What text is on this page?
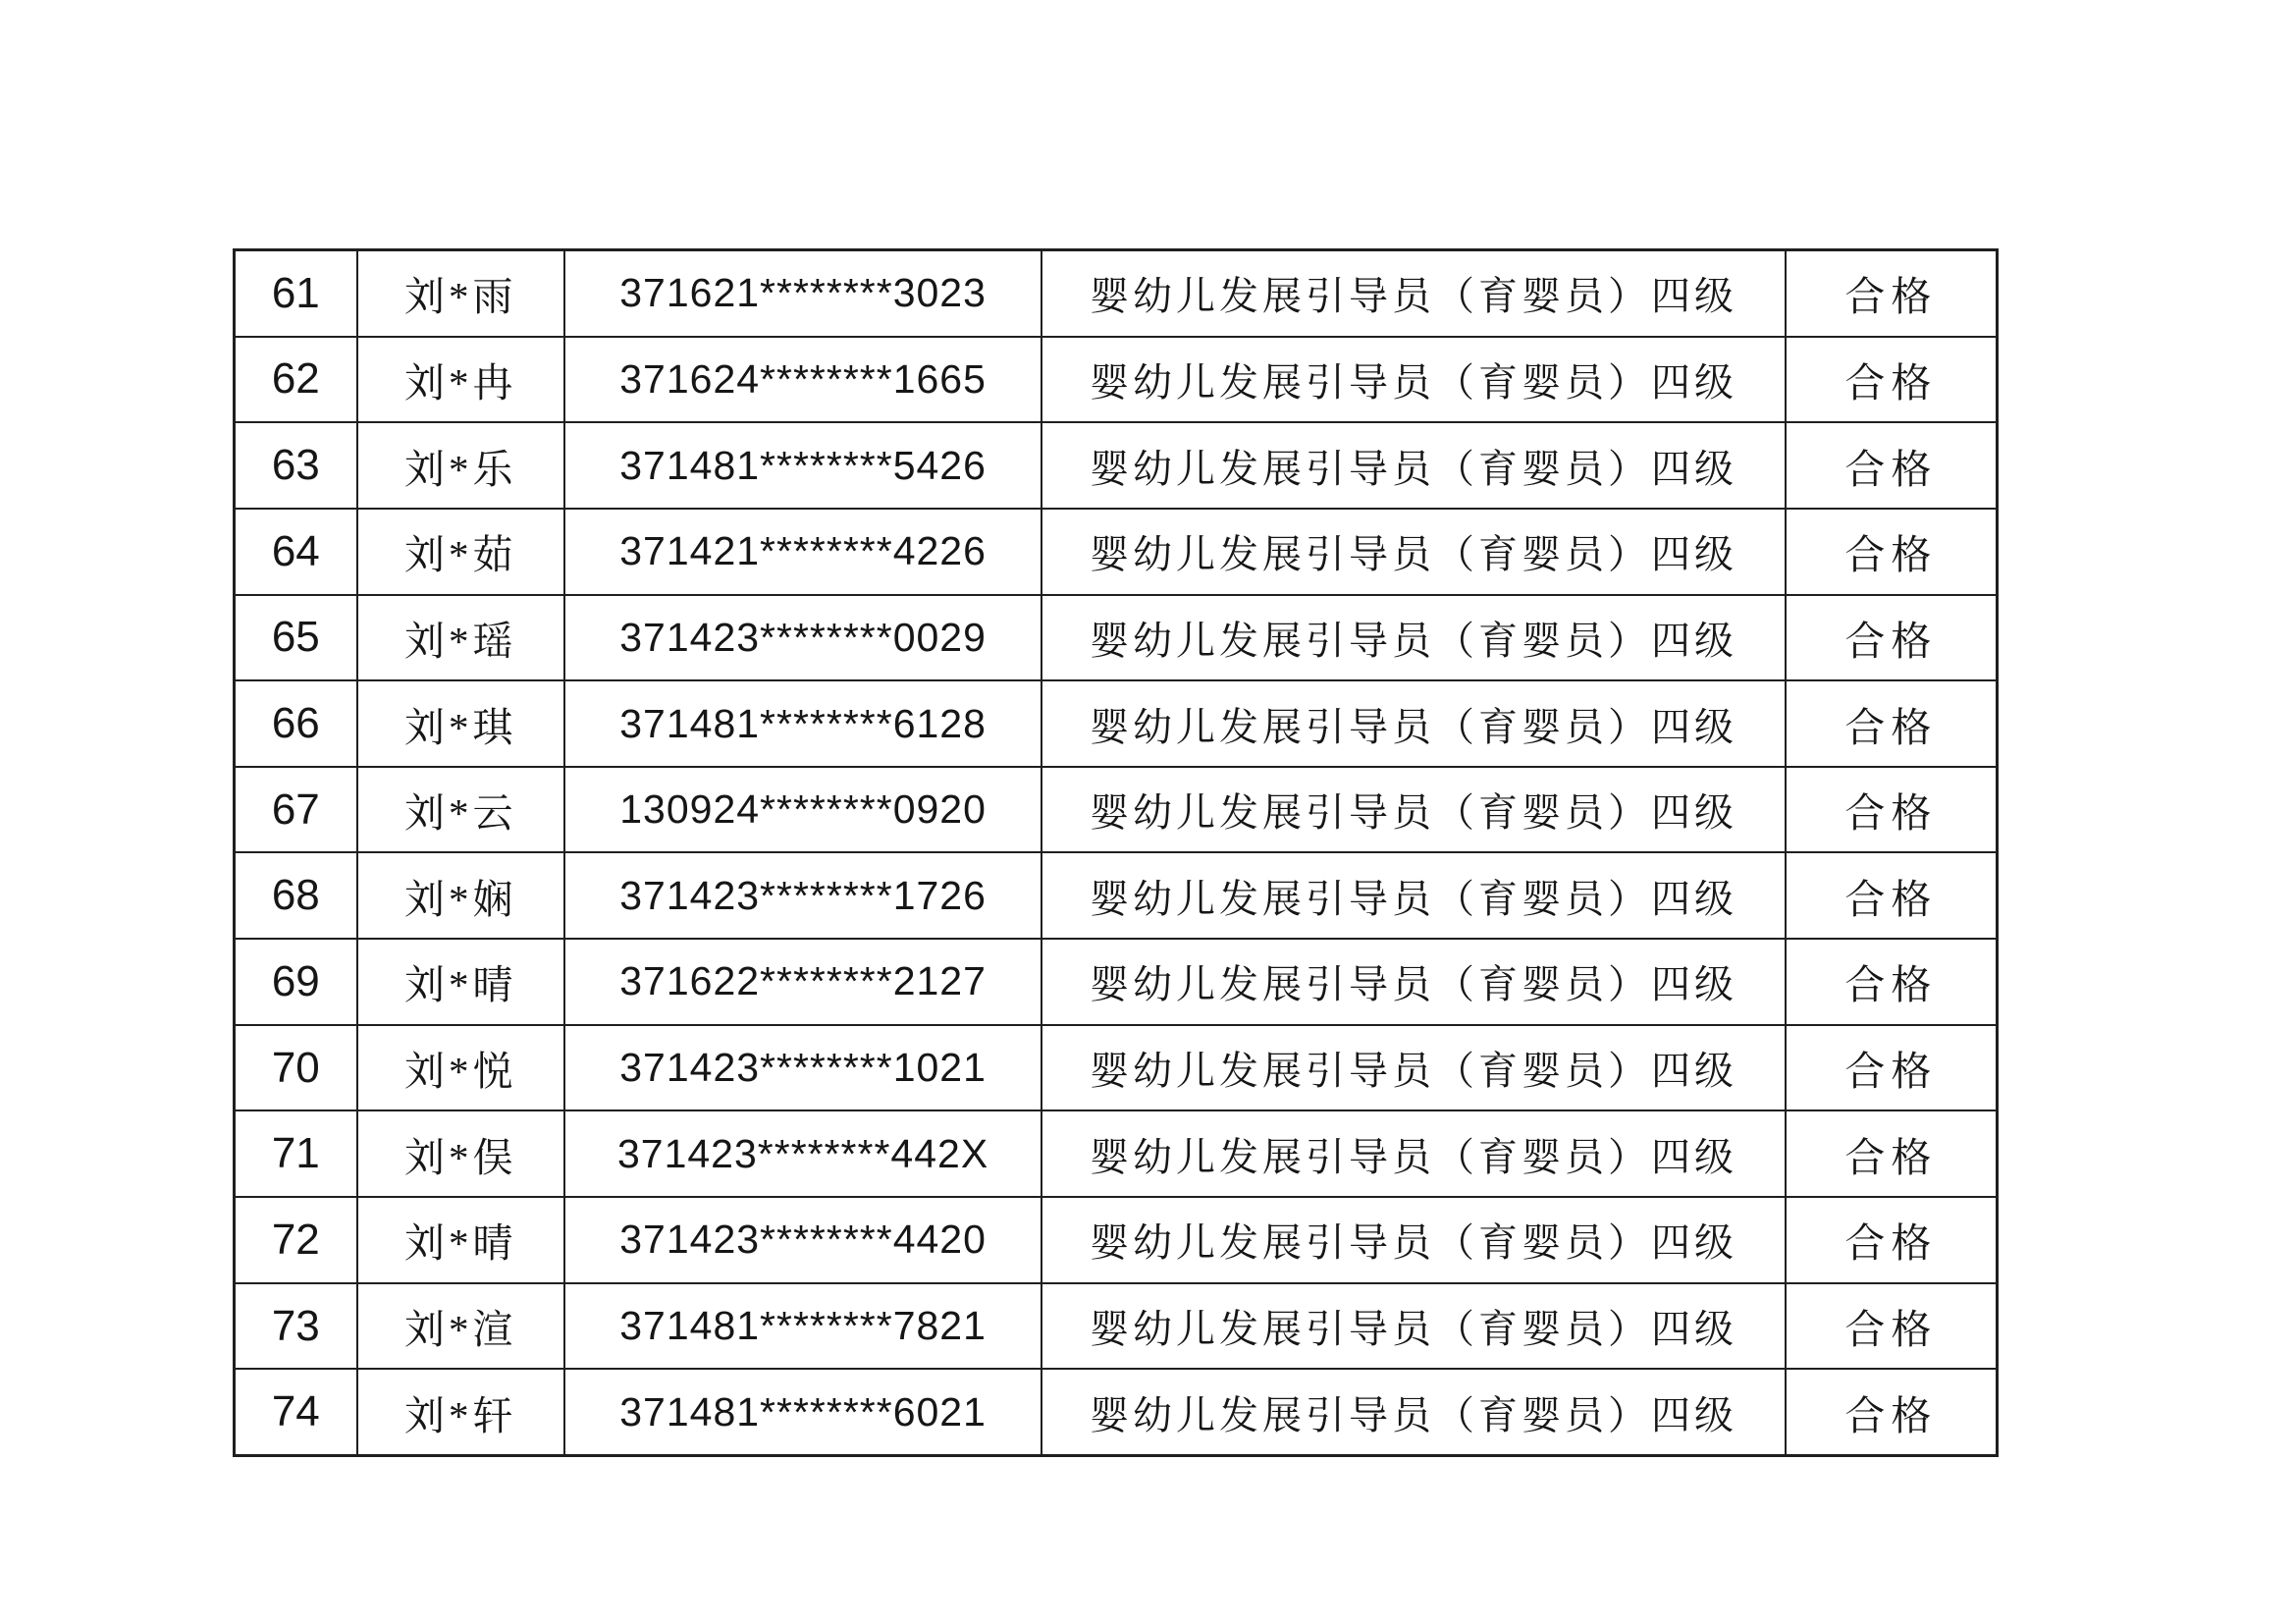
61	刘*雨	371621********3023	婴幼儿发展引导员（育婴员）四级	合格
62	刘*冉	371624********1665	婴幼儿发展引导员（育婴员）四级	合格
63	刘*乐	371481********5426	婴幼儿发展引导员（育婴员）四级	合格
64	刘*茹	371421********4226	婴幼儿发展引导员（育婴员）四级	合格
65	刘*瑶	371423********0029	婴幼儿发展引导员（育婴员）四级	合格
66	刘*琪	371481********6128	婴幼儿发展引导员（育婴员）四级	合格
67	刘*云	130924********0920	婴幼儿发展引导员（育婴员）四级	合格
68	刘*娴	371423********1726	婴幼儿发展引导员（育婴员）四级	合格
69	刘*晴	371622********2127	婴幼儿发展引导员（育婴员）四级	合格
70	刘*悦	371423********1021	婴幼儿发展引导员（育婴员）四级	合格
71	刘*俣	371423********442X	婴幼儿发展引导员（育婴员）四级	合格
72	刘*晴	371423********4420	婴幼儿发展引导员（育婴员）四级	合格
73	刘*渲	371481********7821	婴幼儿发展引导员（育婴员）四级	合格
74	刘*轩	371481********6021	婴幼儿发展引导员（育婴员）四级	合格
